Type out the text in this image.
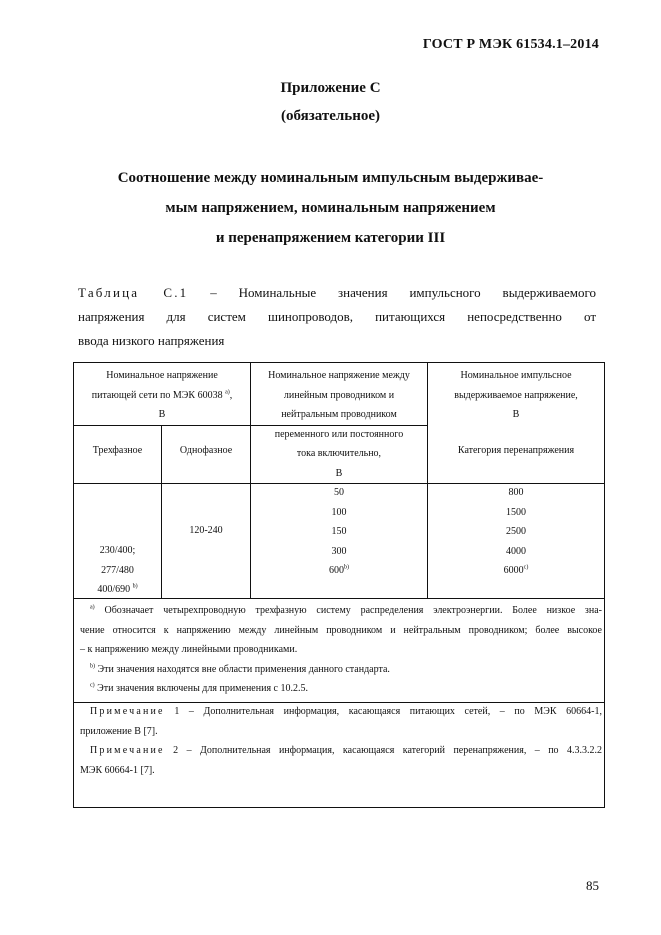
ГОСТ Р МЭК 61534.1–2014
Приложение С
(обязательное)
Соотношение между номинальным импульсным выдерживае-
мым напряжением, номинальным напряжением
и перенапряжением категории III
Таблица С.1 – Номинальные значения импульсного выдерживаемого
напряжения для систем шинопроводов, питающихся непосредственно от
ввода низкого напряжения
Номинальное напряжение
питающей сети по МЭК 60038 $^{а)}$,
В
Трехфазное	Однофазное
Номинальное напряжение между
линейным проводником и
нейтральным проводником
переменного или постоянного
тока включительно,
В
Номинальное импульсное
выдерживаемое напряжение,
В
Категория перенапряжения
230/400;
277/480
400/690 $^{b)}$
120-240
50
100
150
300
600$^{b)}$
800
1500
2500
4000
6000$^{c)}$
$^{a)}$ Обозначает четырехпроводную трехфазную систему распределения электроэнергии. Более низкое зна-
чение относится к напряжению между линейным проводником и нейтральным проводником; более высокое
– к напряжению между линейными проводниками.
$^{b)}$ Эти значения находятся вне области применения данного стандарта.
$^{c)}$ Эти значения включены для применения с 10.2.5.
Примечание 1 – Дополнительная информация, касающаяся питающих сетей, – по МЭК 60664-1,
приложение В [7].
Примечание 2 – Дополнительная информация, касающаяся категорий перенапряжения, – по 4.3.3.2.2
МЭК 60664-1 [7].
85
